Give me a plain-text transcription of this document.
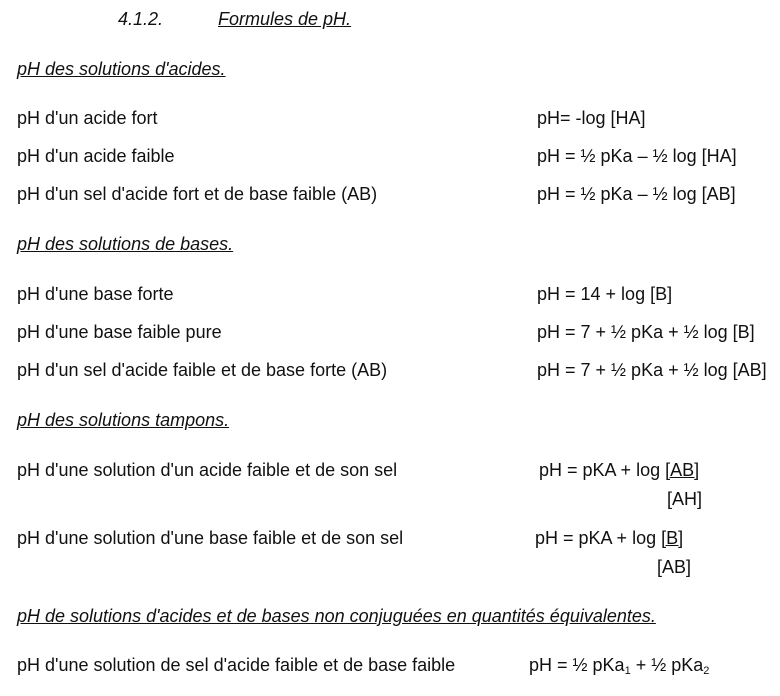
4.1.2.	Formules de pH.
pH des solutions d'acides.
pH d'un acide fort	pH= -log [HA]
pH d'un acide faible	pH = ½ pKa – ½ log [HA]
pH d'un sel d'acide fort et de base faible (AB)	pH = ½ pKa – ½ log [AB]
pH des solutions de bases.
pH d'une base forte	pH = 14 + log [B]
pH d'une base faible pure	pH = 7 + ½ pKa + ½ log [B]
pH d'un sel d'acide faible et de base forte (AB)	pH = 7 + ½ pKa + ½ log [AB]
pH des solutions tampons.
pH d'une solution d'un acide faible et de son sel	pH = pKA + log [AB]
[AH]
pH d'une solution d'une base faible et de son sel	pH = pKA + log [B]
[AB]
pH de solutions d'acides et de bases non conjuguées en quantités équivalentes.
pH d'une solution de sel d'acide faible et de base faible	pH = ½ pKa$_1$ + ½ pKa$_2$
